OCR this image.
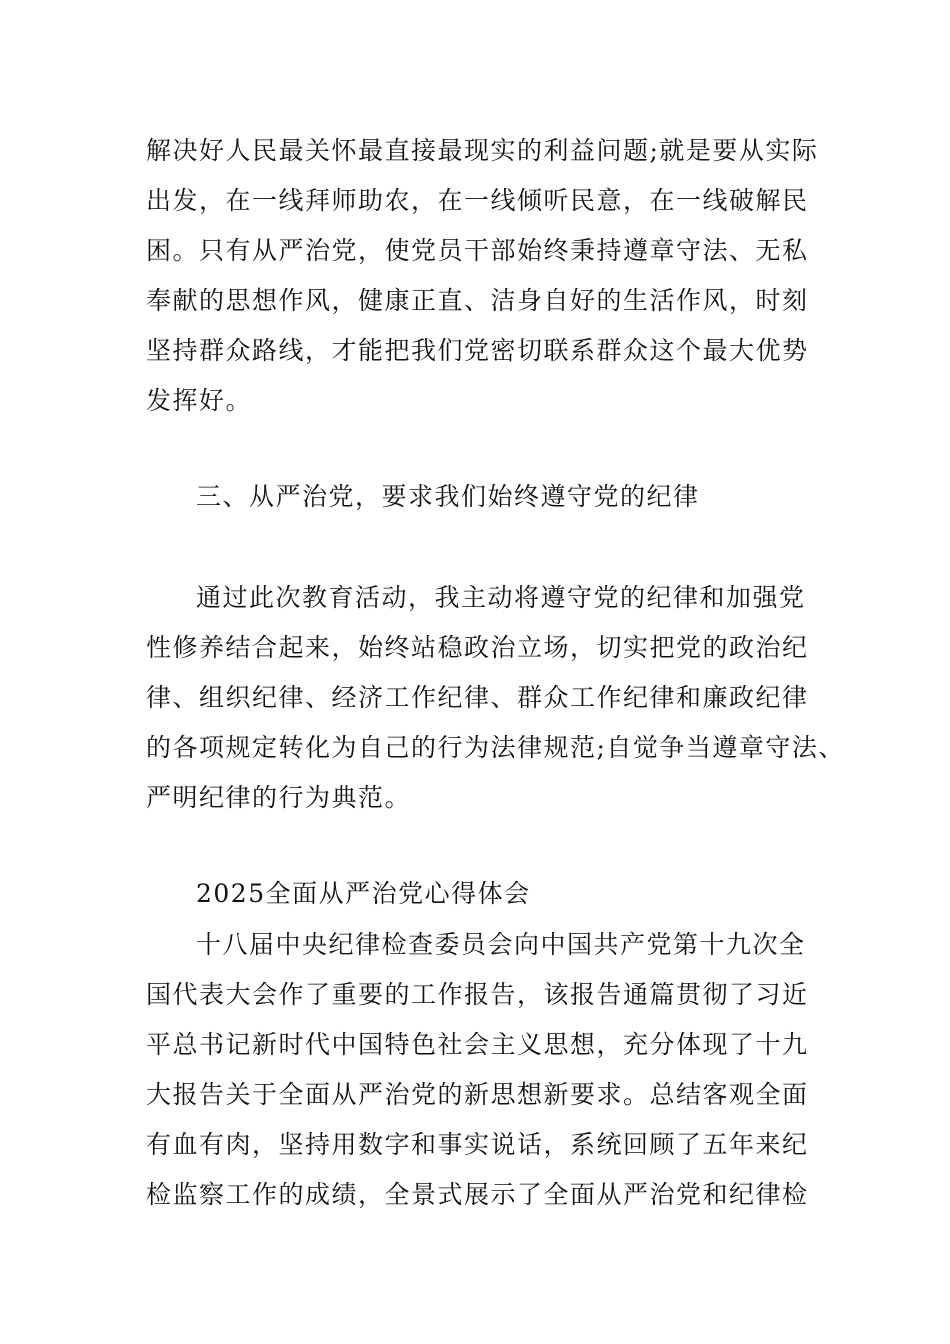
解决好人民最关怀最直接最现实的利益问题;就是要从实际
出发，在一线拜师助农，在一线倾听民意，在一线破解民
困。只有从严治党，使党员干部始终秉持遵章守法、无私
奉献的思想作风，健康正直、洁身自好的生活作风，时刻
坚持群众路线，才能把我们党密切联系群众这个最大优势
发挥好。
三、从严治党，要求我们始终遵守党的纪律
通过此次教育活动，我主动将遵守党的纪律和加强党
性修养结合起来，始终站稳政治立场，切实把党的政治纪
律、组织纪律、经济工作纪律、群众工作纪律和廉政纪律
的各项规定转化为自己的行为法律规范;自觉争当遵章守法、
严明纪律的行为典范。
2025全面从严治党心得体会
十八届中央纪律检查委员会向中国共产党第十九次全
国代表大会作了重要的工作报告，该报告通篇贯彻了习近
平总书记新时代中国特色社会主义思想，充分体现了十九
大报告关于全面从严治党的新思想新要求。总结客观全面
有血有肉，坚持用数字和事实说话，系统回顾了五年来纪
检监察工作的成绩，全景式展示了全面从严治党和纪律检
